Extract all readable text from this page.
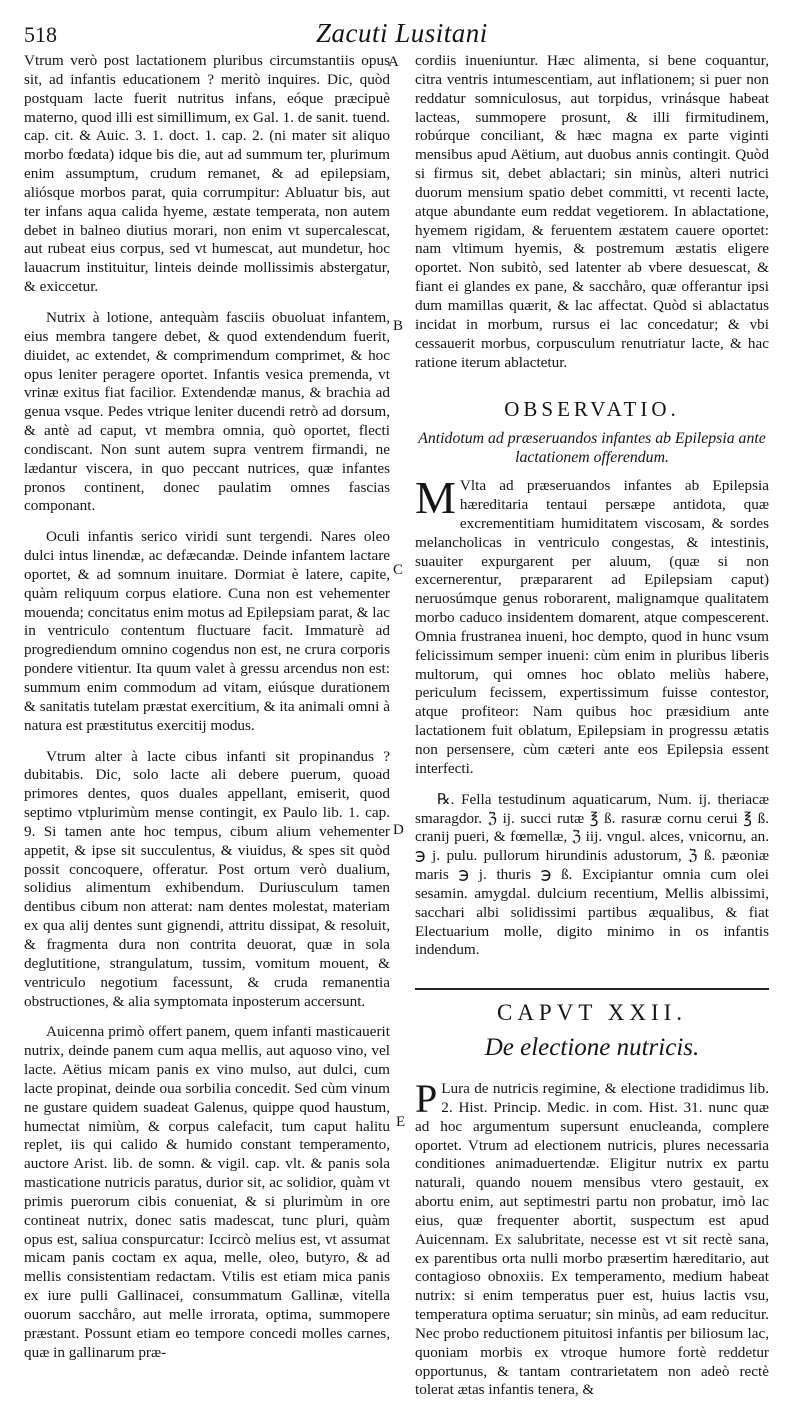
518	Zacuti Lusitani
A
B
C
D
E

Vtrum verò post lactationem pluribus circumstantiis opus sit, ad infantis educationem ? meritò inquires. Dic, quòd postquam lacte fuerit nutritus infans, eóque præcipuè materno, quod illi est simillimum, ex Gal. 1. de sanit. tuend. cap. cit. & Auic. 3. 1. doct. 1. cap. 2. (ni mater sit aliquo morbo fœdata) idque bis die, aut ad summum ter, plurimum enim assumptum, crudum remanet, & ad epilepsiam, aliósque morbos parat, quia corrumpitur: Abluatur bis, aut ter infans aqua calida hyeme, æstate temperata, non autem debet in balneo diutius morari, non enim vt supercalescat, aut rubeat eius corpus, sed vt humescat, aut mundetur, hoc lauacrum instituitur, linteis deinde mollissimis abstergatur, & exiccetur.

Nutrix à lotione, antequàm fasciis obuoluat infantem, eius membra tangere debet, & quod extendendum fuerit, diuidet, ac extendet, & comprimendum comprimet, & hoc opus leniter peragere oportet. Infantis vesica premenda, vt vrinæ exitus fiat facilior. Extendendæ manus, & brachia ad genua vsque. Pedes vtrique leniter ducendi retrò ad dorsum, & antè ad caput, vt membra omnia, quò oportet, flecti condiscant. Non sunt autem supra ventrem firmandi, ne lædantur viscera, in quo peccant nutrices, quæ infantes pronos continent, donec paulatim omnes fascias componant.

Oculi infantis serico viridi sunt tergendi. Nares oleo dulci intus linendæ, ac defæcandæ. Deinde infantem lactare oportet, & ad somnum inuitare. Dormiat è latere, capite, quàm reliquum corpus elatiore. Cuna non est vehementer mouenda; concitatus enim motus ad Epilepsiam parat, & lac in ventriculo contentum fluctuare facit. Immaturè ad progrediendum omnino cogendus non est, ne crura corporis pondere vitientur. Ita quum valet à gressu arcendus non est: summum enim commodum ad vitam, eiúsque durationem & sanitatis tutelam præstat exercitium, & ita animali omni à natura est præstitutus exercitij modus.

Vtrum alter à lacte cibus infanti sit propinandus ? dubitabis. Dic, solo lacte ali debere puerum, quoad primores dentes, quos duales appellant, emiserit, quod septimo vtplurimùm mense contingit, ex Paulo lib. 1. cap. 9. Si tamen ante hoc tempus, cibum alium vehementer appetit, & ipse sit succulentus, & viuidus, & spes sit quòd possit concoquere, offeratur. Post ortum verò dualium, solidius alimentum exhibendum. Duriusculum tamen dentibus cibum non atterat: nam dentes molestat, materiam ex qua alij dentes sunt gignendi, attritu dissipat, & resoluit, & fragmenta dura non contrita deuorat, quæ in sola deglutitione, strangulatum, tussim, vomitum mouent, & ventriculo negotium facessunt, & cruda remanentia obstructiones, & alia symptomata inposterum accersunt.

Auicenna primò offert panem, quem infanti masticauerit nutrix, deinde panem cum aqua mellis, aut aquoso vino, vel lacte. Aëtius micam panis ex vino mulso, aut dulci, cum lacte propinat, deinde oua sorbilia concedit. Sed cùm vinum ne gustare quidem suadeat Galenus, quippe quod haustum, humectat nimiùm, & corpus calefacit, tum caput halitu replet, iis qui calido & humido constant temperamento, auctore Arist. lib. de somn. & vigil. cap. vlt. & panis sola masticatione nutricis paratus, durior sit, ac solidior, quàm vt primis puerorum cibis conueniat, & si plurimùm in ore contineat nutrix, donec satis madescat, tunc pluri, quàm opus est, saliua conspurcatur: Iccircò melius est, vt assumat micam panis coctam ex aqua, melle, oleo, butyro, & ad mellis consistentiam redactam. Vtilis est etiam mica panis ex iure pulli Gallinacei, consummatum Gallinæ, vitella ouorum sacchåro, aut melle irrorata, optima, summopere præstant. Possunt etiam eo tempore concedi molles carnes, quæ in gallinarum præ-

cordiis inueniuntur. Hæc alimenta, si bene coquantur, citra ventris intumescentiam, aut inflationem; si puer non reddatur somniculosus, aut torpidus, vrinásque habeat lacteas, summopere prosunt, & illi firmitudinem, robúrque conciliant, & hæc magna ex parte viginti mensibus apud Aëtium, aut duobus annis contingit. Quòd si firmus sit, debet ablactari; sin minùs, alteri nutrici duorum mensium spatio debet committi, vt recenti lacte, atque abundante eum reddat vegetiorem. In ablactatione, hyemem rigidam, & feruentem æstatem cauere oportet: nam vltimum hyemis, & postremum æstatis eligere oportet. Non subitò, sed latenter ab vbere desuescat, & fiant ei glandes ex pane, & sacchåro, quæ offerantur ipsi dum mamillas quærit, & lac affectat. Quòd si ablactatus incidat in morbum, rursus ei lac concedatur; & vbi cessauerit morbus, corpusculum renutriatur lacte, & hac ratione iterum ablactetur.

OBSERVATIO.
Antidotum ad præseruandos infantes ab Epilepsia ante lactationem offerendum.

M Vlta ad præseruandos infantes ab Epilepsia hæreditaria tentaui persæpe antidota, quæ excrementitiam humiditatem viscosam, & sordes melancholicas in ventriculo congestas, & intestinis, suauiter expurgarent per aluum, (quæ si non excernerentur, præpararent ad Epilepsiam caput) neruosúmque genus roborarent, malignamque qualitatem morbo caduco insidentem domarent, atque compescerent. Omnia frustranea inueni, hoc dempto, quod in hunc vsum felicissimum semper inueni: cùm enim in pluribus liberis multorum, qui omnes hoc oblato meliùs habere, periculum fecissem, expertissimum fuisse contestor, atque profiteor: Nam quibus hoc præsidium ante lactationem fuit oblatum, Epilepsiam in progressu ætatis non persensere, cùm cæteri ante eos Epilepsia essent interfecti.

℞. Fella testudinum aquaticarum, Num. ij. theriacæ smaragdor. ℨ ij. succi rutæ ℥ ß. rasuræ cornu cerui ℥ ß. cranij pueri, & fœmellæ, ℨ iij. vngul. alces, vnicornu, an. ℈ j. pulu. pullorum hirundinis adustorum, ℨ ß. pæoniæ maris ℈ j. thuris ℈ ß. Excipiantur omnia cum olei sesamin. amygdal. dulcium recentium, Mellis albissimi, sacchari albi solidissimi partibus æqualibus, & fiat Electuarium molle, digito minimo in os infantis indendum.

CAPVT XXII.
De electione nutricis.

P Lura de nutricis regimine, & electione tradidimus lib. 2. Hist. Princip. Medic. in com. Hist. 31. nunc quæ ad hoc argumentum supersunt enucleanda, complere oportet. Vtrum ad electionem nutricis, plures necessaria conditiones animaduertendæ. Eligitur nutrix ex partu naturali, quando nouem mensibus vtero gestauit, ex abortu enim, aut septimestri partu non probatur, imò lac eius, quæ frequenter abortit, suspectum est apud Auicennam. Ex salubritate, necesse est vt sit rectè sana, ex parentibus orta nulli morbo præsertim hæreditario, aut contagioso obnoxiis. Ex temperamento, medium habeat nutrix: si enim temperatus puer est, huius lactis vsu, temperatura optima seruatur; sin minùs, ad eam reducitur. Nec probo reductionem pituitosi infantis per biliosum lac, quoniam morbis ex vtroque humore fortè reddetur opportunus, & tantam contrarietatem non adeò rectè tolerat ætas infantis tenera, &
